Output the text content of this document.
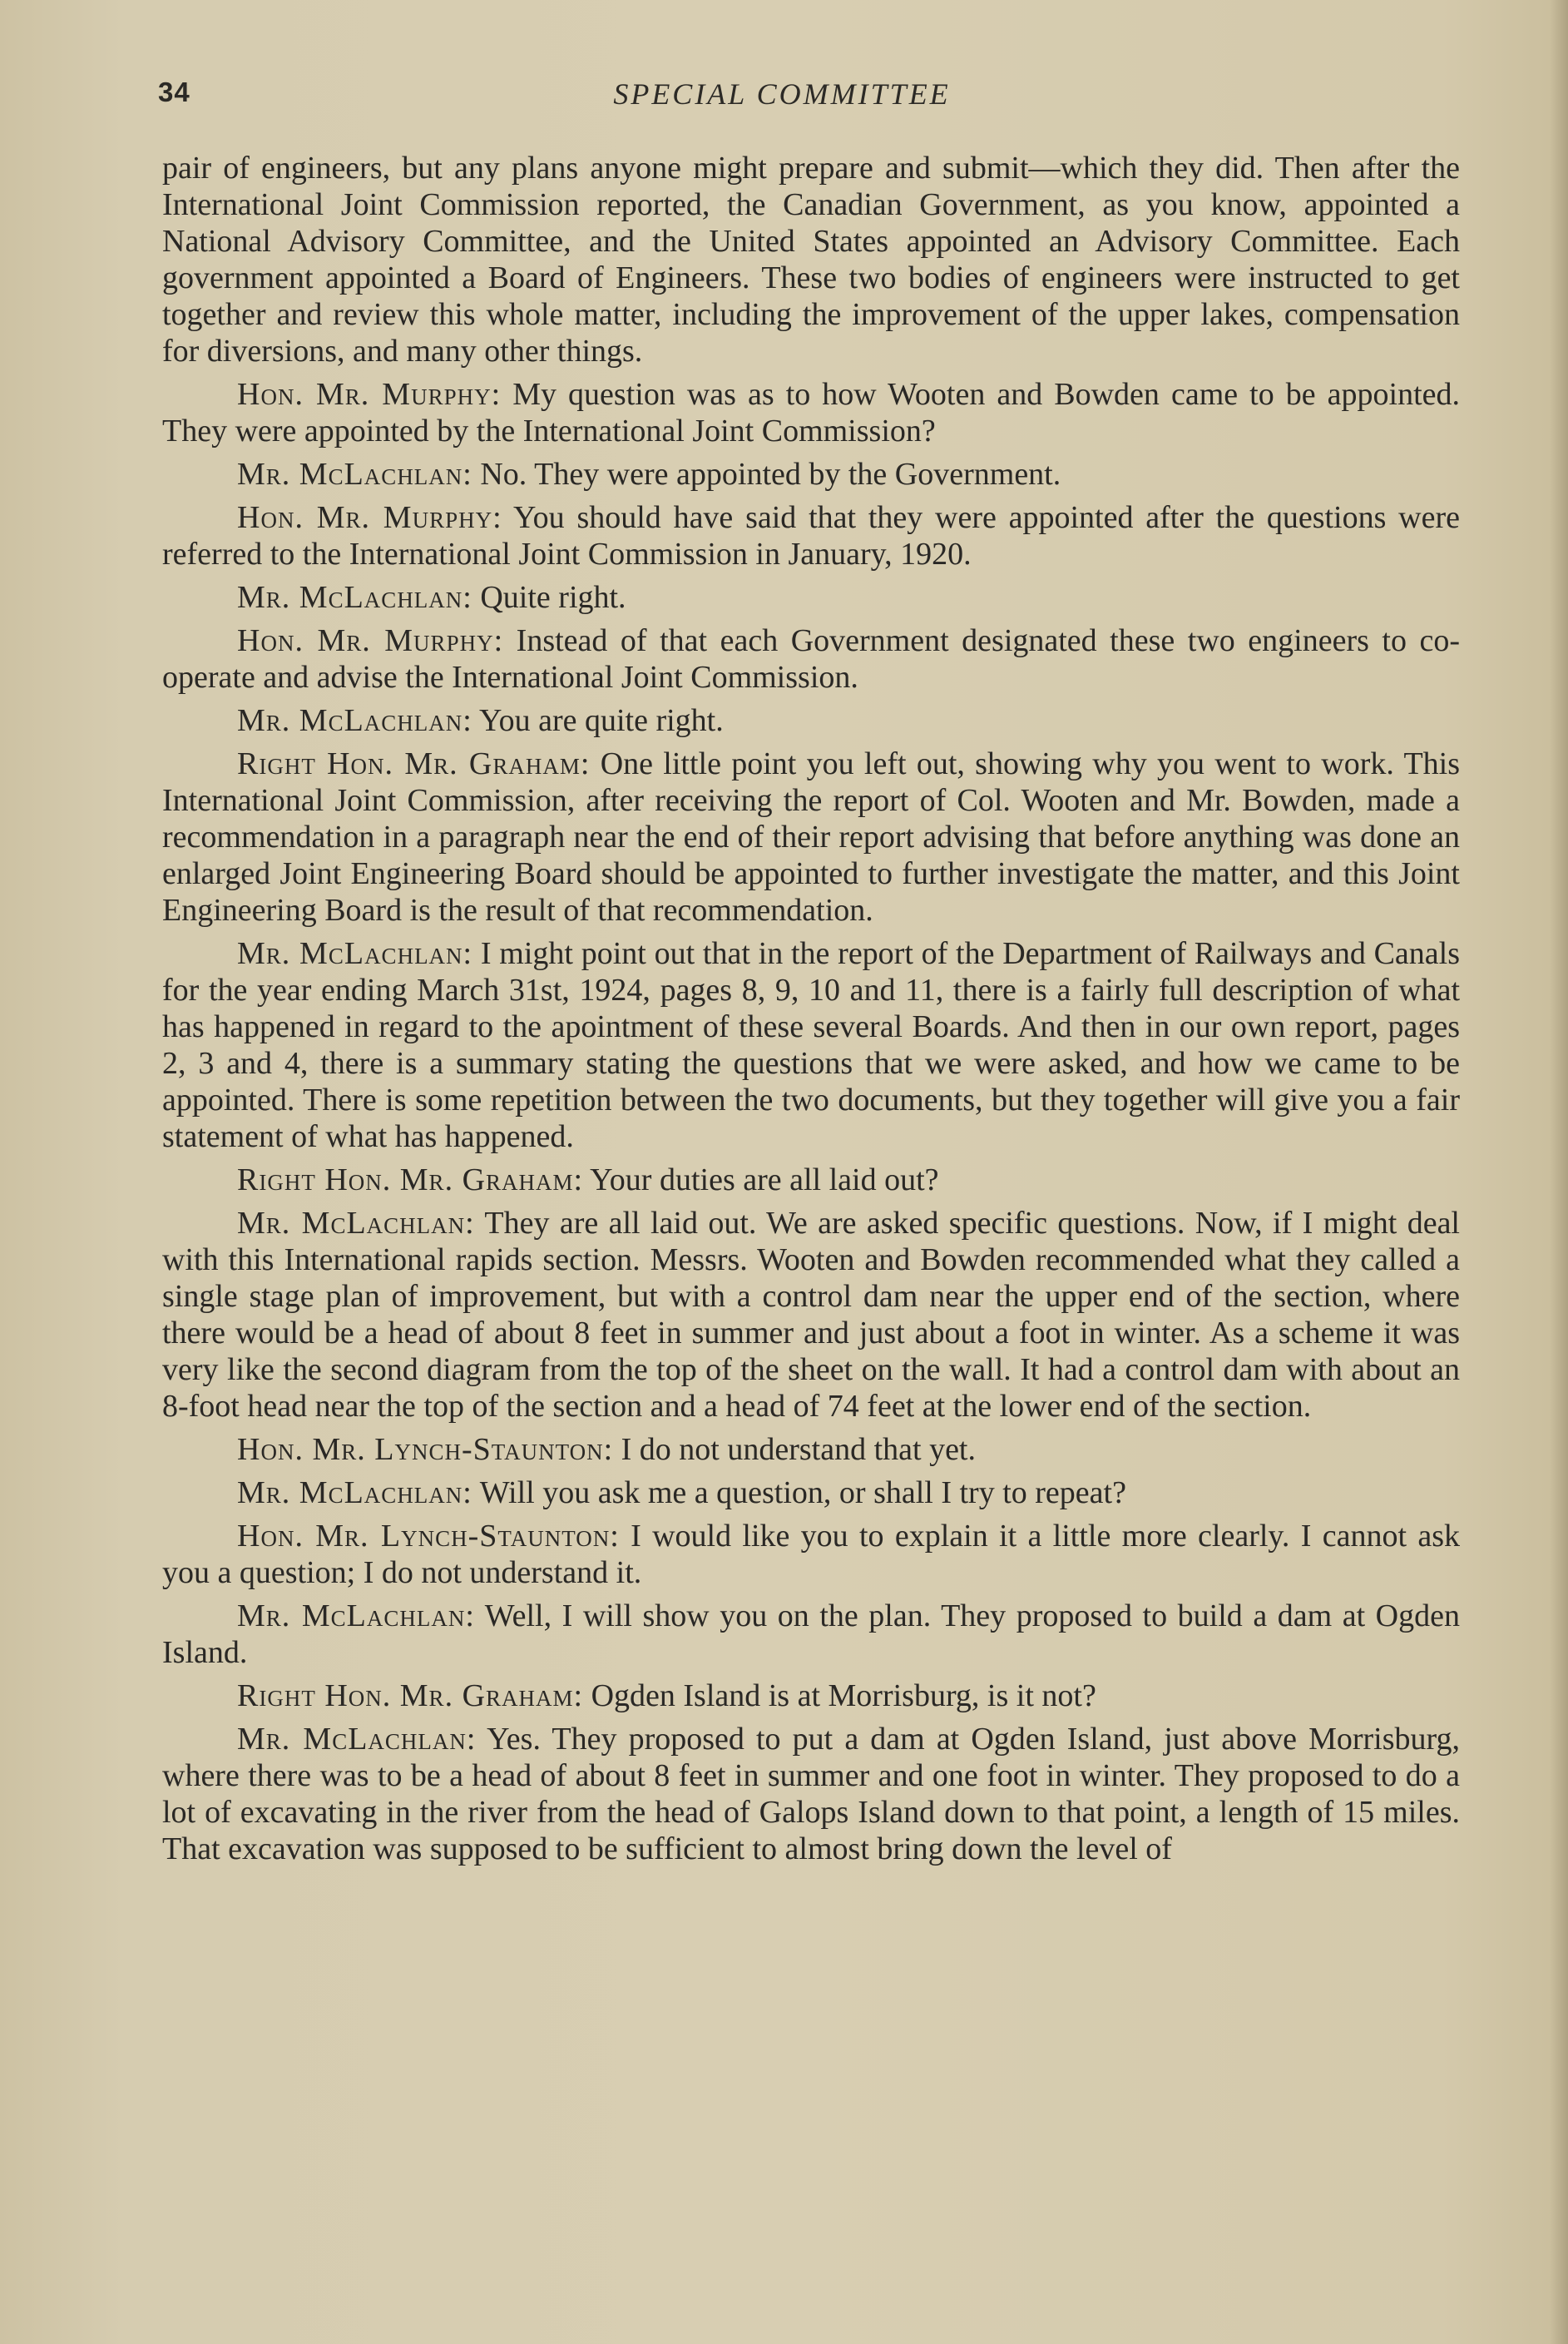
34	SPECIAL COMMITTEE

pair of engineers, but any plans anyone might prepare and submit—which they did. Then after the International Joint Commission reported, the Canadian Government, as you know, appointed a National Advisory Committee, and the United States appointed an Advisory Committee. Each government appointed a Board of Engineers. These two bodies of engineers were instructed to get together and review this whole matter, including the improvement of the upper lakes, compensation for diversions, and many other things.

Hon. Mr. Murphy: My question was as to how Wooten and Bowden came to be appointed. They were appointed by the International Joint Commission?

Mr. McLachlan: No. They were appointed by the Government.

Hon. Mr. Murphy: You should have said that they were appointed after the questions were referred to the International Joint Commission in January, 1920.

Mr. McLachlan: Quite right.

Hon. Mr. Murphy: Instead of that each Government designated these two engineers to co-operate and advise the International Joint Commission.

Mr. McLachlan: You are quite right.

Right Hon. Mr. Graham: One little point you left out, showing why you went to work. This International Joint Commission, after receiving the report of Col. Wooten and Mr. Bowden, made a recommendation in a paragraph near the end of their report advising that before anything was done an enlarged Joint Engineering Board should be appointed to further investigate the matter, and this Joint Engineering Board is the result of that recommendation.

Mr. McLachlan: I might point out that in the report of the Department of Railways and Canals for the year ending March 31st, 1924, pages 8, 9, 10 and 11, there is a fairly full description of what has happened in regard to the apointment of these several Boards. And then in our own report, pages 2, 3 and 4, there is a summary stating the questions that we were asked, and how we came to be appointed. There is some repetition between the two documents, but they together will give you a fair statement of what has happened.

Right Hon. Mr. Graham: Your duties are all laid out?

Mr. McLachlan: They are all laid out. We are asked specific questions. Now, if I might deal with this International rapids section. Messrs. Wooten and Bowden recommended what they called a single stage plan of improvement, but with a control dam near the upper end of the section, where there would be a head of about 8 feet in summer and just about a foot in winter. As a scheme it was very like the second diagram from the top of the sheet on the wall. It had a control dam with about an 8-foot head near the top of the section and a head of 74 feet at the lower end of the section.

Hon. Mr. Lynch-Staunton: I do not understand that yet.

Mr. McLachlan: Will you ask me a question, or shall I try to repeat?

Hon. Mr. Lynch-Staunton: I would like you to explain it a little more clearly. I cannot ask you a question; I do not understand it.

Mr. McLachlan: Well, I will show you on the plan. They proposed to build a dam at Ogden Island.

Right Hon. Mr. Graham: Ogden Island is at Morrisburg, is it not?

Mr. McLachlan: Yes. They proposed to put a dam at Ogden Island, just above Morrisburg, where there was to be a head of about 8 feet in summer and one foot in winter. They proposed to do a lot of excavating in the river from the head of Galops Island down to that point, a length of 15 miles. That excavation was supposed to be sufficient to almost bring down the level of
